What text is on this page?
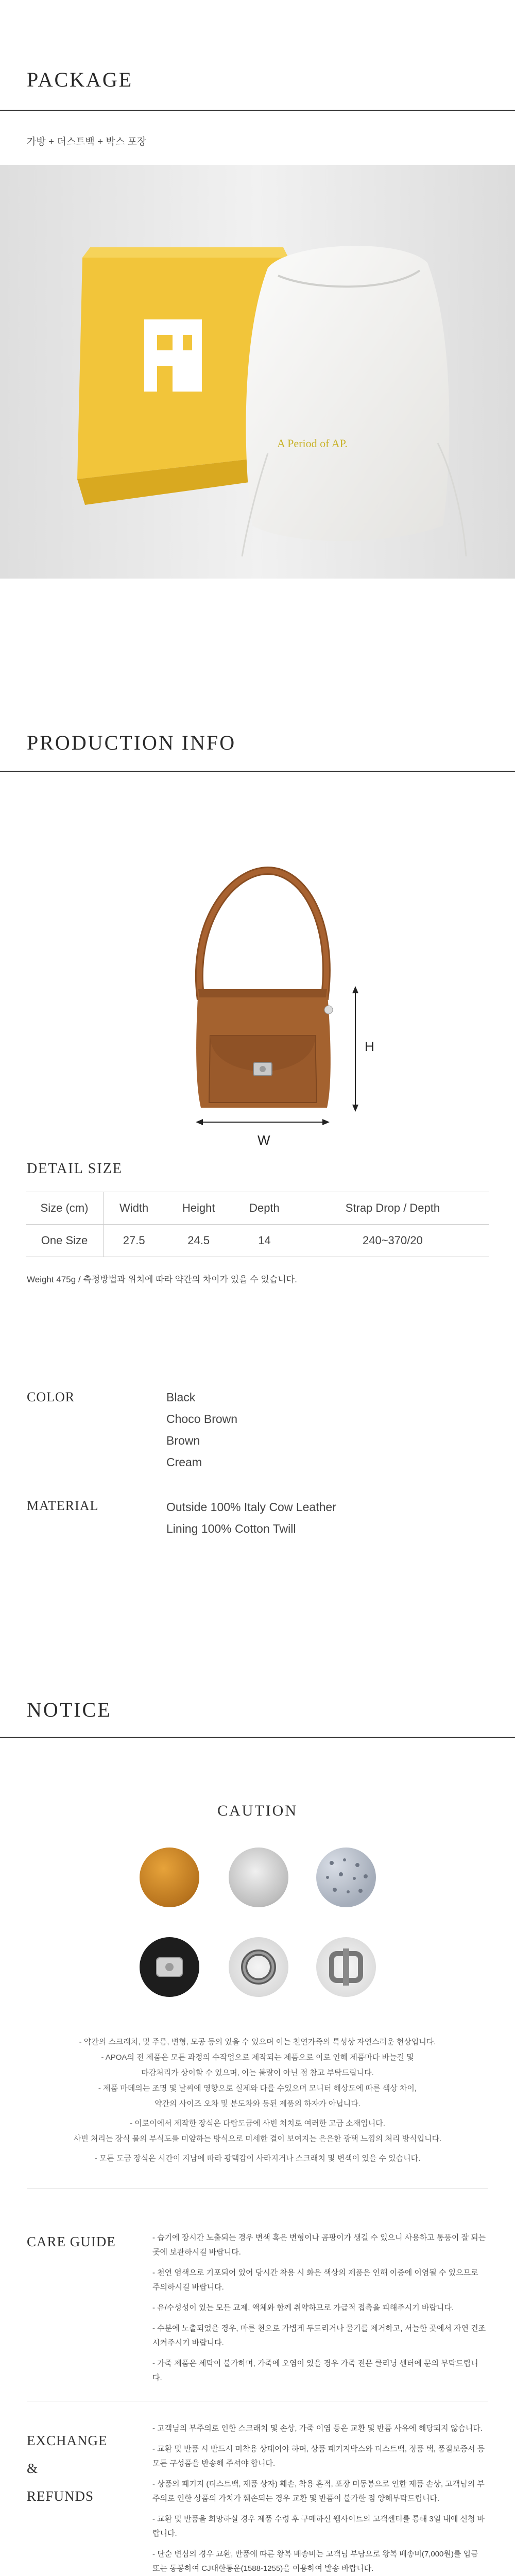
PACKAGE
가방 + 더스트백 + 박스 포장
A Period of AP.
PRODUCTION INFO
H
W
DETAIL SIZE
Size (cm)	Width	Height	Depth	Strap Drop / Depth
One Size	27.5	24.5	14	240~370/20
Weight 475g / 측정방법과 위치에 따라 약간의 차이가 있을 수 있습니다.
COLOR	Black
Choco Brown
Brown
Cream
MATERIAL	Outside 100% Italy Cow Leather
Lining 100% Cotton Twill
NOTICE
CAUTION
- 약간의 스크래치, 및 주름, 변형, 모공 등의 있을 수 있으며 이는 천연가죽의 특성상 자연스러운 현상입니다.
- APOA의 전 제품은 모든 과정의 수작업으로 제작되는 제품으로 이로 인해 제품마다 바늘길 및
마감처리가 상이할 수 있으며, 이는 불량이 아닌 점 참고 부탁드립니다.
- 제품 마데의는 조명 및 날씨에 영향으로 실제와 다를 수있으며 모니터 해상도에 따른 색상 차이,
약간의 사이즈 오차 및 분도차와 동된 제품의 하자가 아닙니다.
- 이로이에서 제작한 장식은 다랍도금에 사빈 처치로 여러한 고급 소재입니다.
사빈 처리는 장식 물의 부식도를 미앞하는 방식으로 미세한 결이 보여지는 은은한 광택 느낌의 처리 방식입니다.
- 모든 도금 장식은 시간이 지남에 따라 광택감이 사라지거나 스크래치 및 변색이 있을 수 있습니다.
CARE GUIDE	- 습기에 장시간 노출되는 경우 변색 혹은 변형이나 곰팡이가 생길 수 있으니 사용하고 통풍이 잘 되는 곳에 보관하시길 바랍니다.

- 천연 염색으로 기포되어 있어 당시간 착용 시 화은 색상의 제품은 인해 이중에 이염될 수 있으므로 주의하시길 바랍니다.

- 유/수성성이 있는 모든 교제, 액체와 함께 취약하므로 가급적 접촉을 피해주시기 바랍니다.

- 수분에 노출되었을 경우, 마른 천으로 가볍게 두드리거나 물기를 제거하고, 서늘한 곳에서 자연 건조 시켜주시기 바랍니다.

- 가죽 제품은 세탁이 불가하며, 가죽에 오염이 있을 경우 가죽 전문 클리닝 센터에 문의 부탁드립니다.

EXCHANGE
&
REFUNDS

- 고객님의 부주의로 인한 스크래치 및 손상, 가죽 이염 등은 교환 및 반품 사유에 해당되지 않습니다.

- 교환 및 반품 시 반드시 미착용 상태여야 하며, 상품 패키지박스와 더스트백, 정품 택, 품질보증서 등 모든 구성품을 반송해 주셔야 합니다.

- 상품의 패키지 (더스트백, 제품 상자) 훼손, 착용 흔적, 포장 미동봉으로 인한 제품 손상, 고객님의 부주의로 인한 상품의 가치가 훼손되는 경우 교환 및 반품이 불가한 점 양해부탁드립니다.

- 교환 및 반품을 희망하실 경우 제품 수령 후 구매하신 웹사이트의 고객센터를 통해 3일 내에 신청 바랍니다.

- 단순 변심의 경우 교환, 반품에 따른 왕복 배송비는 고객님 부담으로 왕복 배송비(7,000원)를 입금 또는 동봉하여 CJ대한통운(1588-1255)을 이용하여 발송 바랍니다.
